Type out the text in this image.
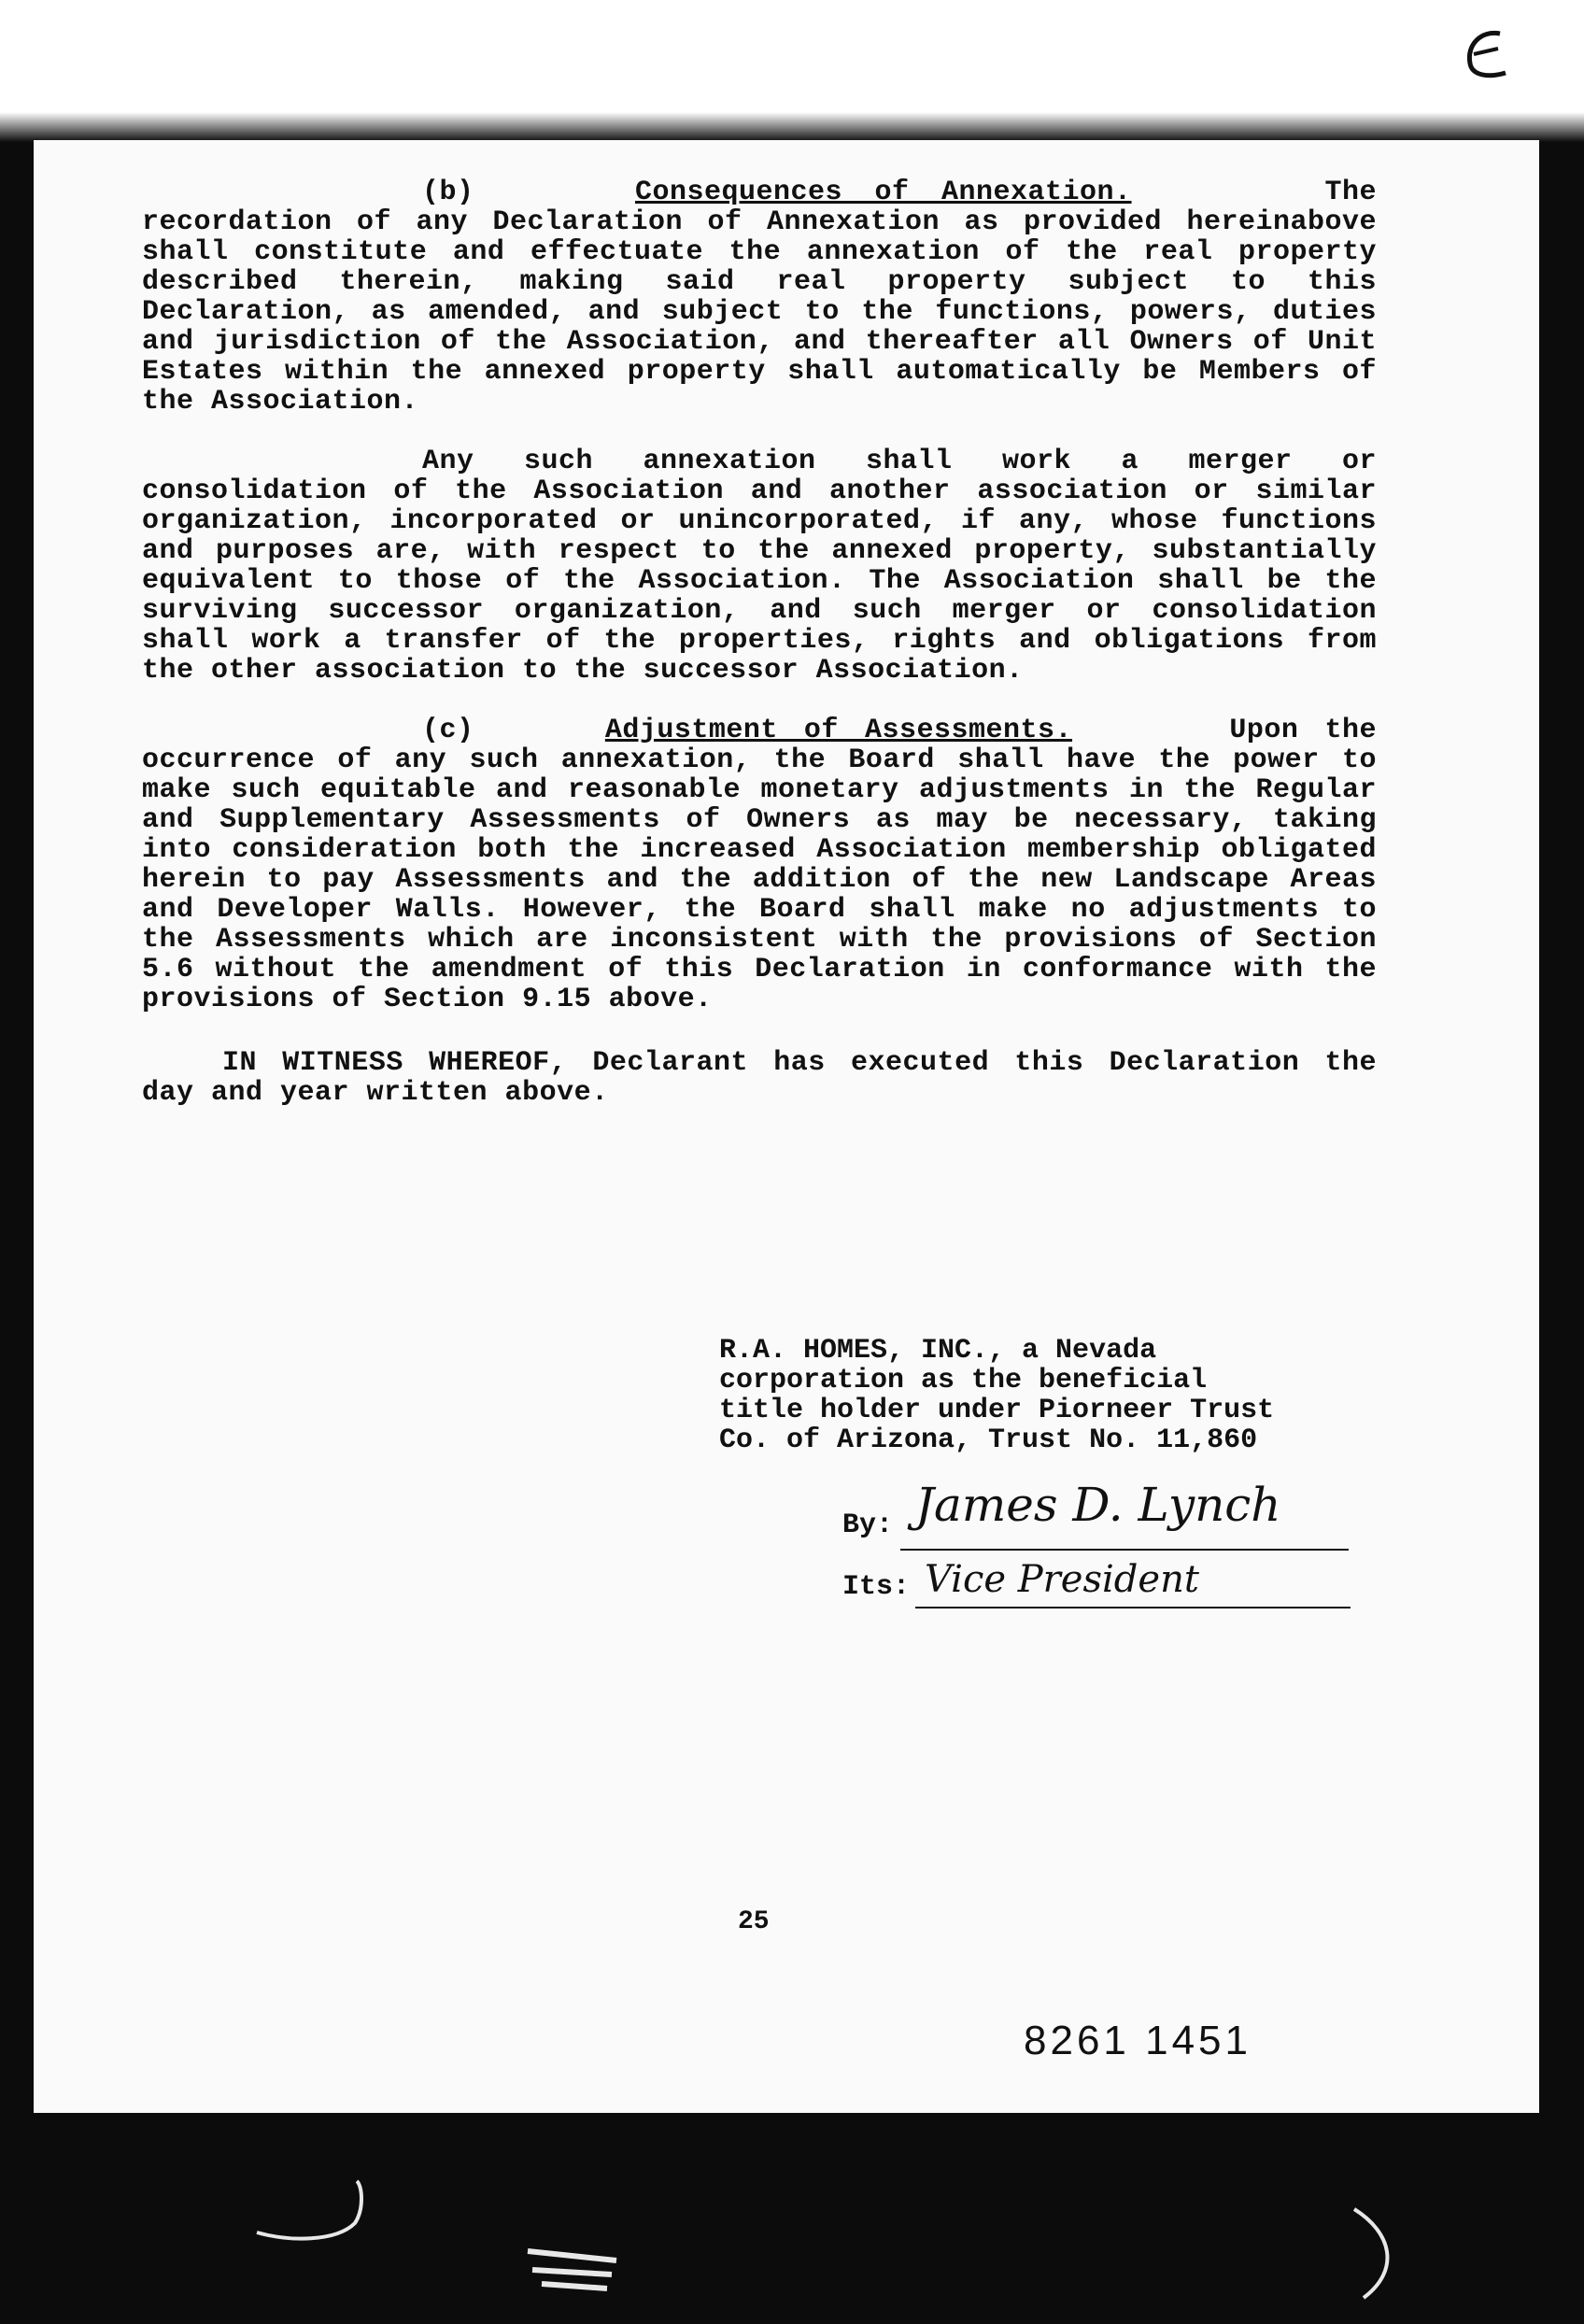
(b)	Consequences of Annexation.	The recordation of any Declaration of Annexation as provided hereinabove shall constitute and effectuate the annexation of the real property described therein, making said real property subject to this Declaration, as amended, and subject to the functions, powers, duties and jurisdiction of the Association, and thereafter all Owners of Unit Estates within the annexed property shall automatically be Members of the Association.

Any such annexation shall work a merger or consolidation of the Association and another association or similar organization, incorporated or unincorporated, if any, whose functions and purposes are, with respect to the annexed property, substantially equivalent to those of the Association. The Association shall be the surviving successor organization, and such merger or consolidation shall work a transfer of the properties, rights and obligations from the other association to the successor Association.

(c)	Adjustment of Assessments.	Upon the occurrence of any such annexation, the Board shall have the power to make such equitable and reasonable monetary adjustments in the Regular and Supplementary Assessments of Owners as may be necessary, taking into consideration both the increased Association membership obligated herein to pay Assessments and the addition of the new Landscape Areas and Developer Walls. However, the Board shall make no adjustments to the Assessments which are inconsistent with the provisions of Section 5.6 without the amendment of this Declaration in conformance with the provisions of Section 9.15 above.

IN WITNESS WHEREOF, Declarant has executed this Declaration the day and year written above.

R.A. HOMES, INC., a Nevada
corporation as the beneficial
title holder under Piorneer Trust
Co. of Arizona, Trust No. 11,860
By: James D. Lynch
Its: Vice President
25
8261 1451
